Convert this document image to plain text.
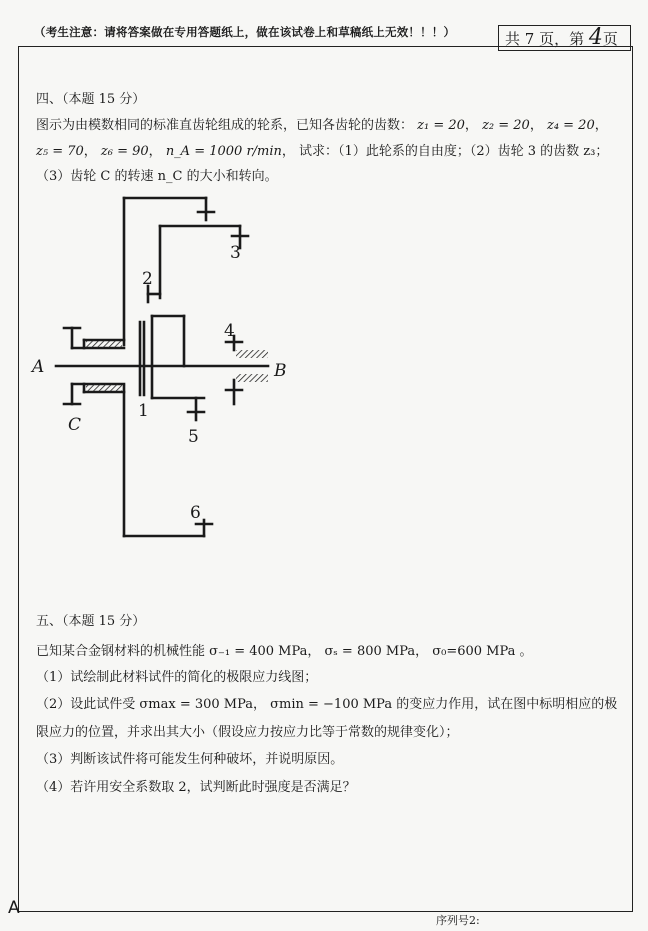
（考生注意：请将答案做在专用答题纸上，做在该试卷上和草稿纸上无效！！！）	共 7 页，第 4页
四、（本题 15 分）
图示为由模数相同的标准直齿轮组成的轮系，已知各齿轮的齿数： z₁ = 20， z₂ = 20， z₄ = 20，
z₅ = 70， z₆ = 90， n_A = 1000 r/min， 试求：（1）此轮系的自由度；（2）齿轮 3 的齿数 z₃；
（3）齿轮 C 的转速 n_C 的大小和转向。
A	B
C
1
2
3
4
5
6
五、（本题 15 分）
已知某合金钢材料的机械性能 σ₋₁ = 400 MPa， σₛ = 800 MPa， σ₀=600 MPa 。
（1）试绘制此材料试件的简化的极限应力线图；
（2）设此试件受 σmax = 300 MPa， σmin = −100 MPa 的变应力作用，试在图中标明相应的极
限应力的位置，并求出其大小（假设应力按应力比等于常数的规律变化）；
（3）判断该试件将可能发生何种破坏，并说明原因。
（4）若许用安全系数取 2，试判断此时强度是否满足？
A
序列号2:
